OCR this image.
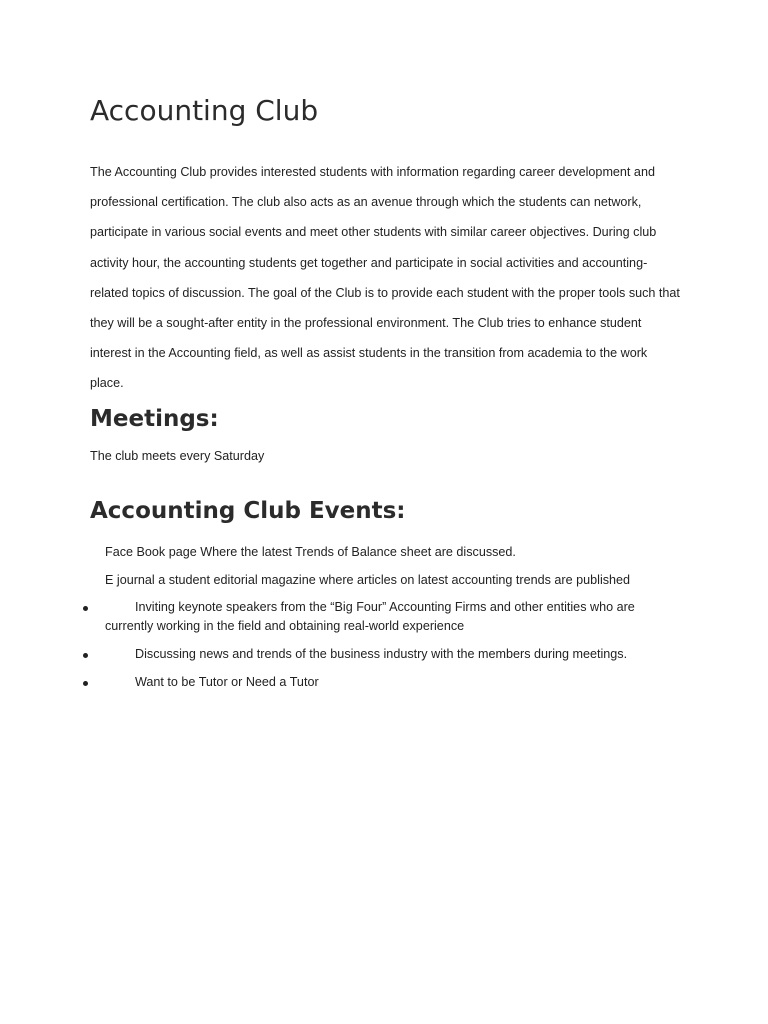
Accounting Club

The Accounting Club provides interested students with information regarding career development and professional certification. The club also acts as an avenue through which the students can network, participate in various social events and meet other students with similar career objectives. During club activity hour, the accounting students get together and participate in social activities and accounting-related topics of discussion. The goal of the Club is to provide each student with the proper tools such that they will be a sought-after entity in the professional environment. The Club tries to enhance student interest in the Accounting field, as well as assist students in the transition from academia to the work place.

Meetings:

The club meets every Saturday

Accounting Club Events:

Face Book page Where the latest Trends of Balance sheet are discussed.

E journal a student editorial magazine where articles on latest accounting trends are published

Inviting keynote speakers from the “Big Four” Accounting Firms and other entities who are currently working in the field and obtaining real-world experience

Discussing news and trends of the business industry with the members during meetings.

Want to be Tutor or Need a Tutor
